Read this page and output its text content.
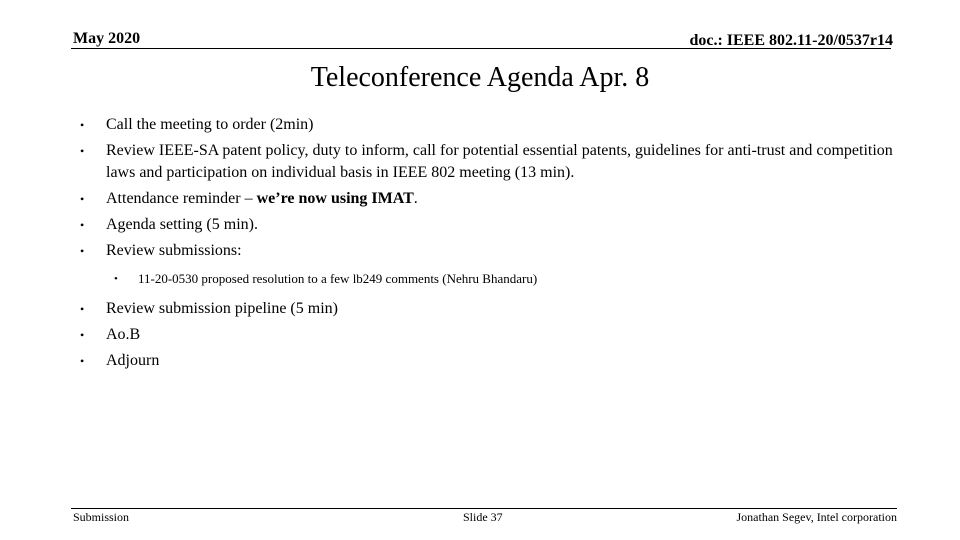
May 2020	doc.: IEEE 802.11-20/0537r14
Teleconference Agenda Apr. 8
• Call the meeting to order (2min)
• Review IEEE-SA patent policy, duty to inform, call for potential essential patents, guidelines for anti-trust and competition laws and participation on individual basis in IEEE 802 meeting (13 min).
• Attendance reminder – we’re now using IMAT.
• Agenda setting (5 min).
• Review submissions:
• 11-20-0530 proposed resolution to a few lb249 comments (Nehru Bhandaru)
• Review submission pipeline (5 min)
• Ao.B
• Adjourn
Submission	Slide 37	Jonathan Segev, Intel corporation
